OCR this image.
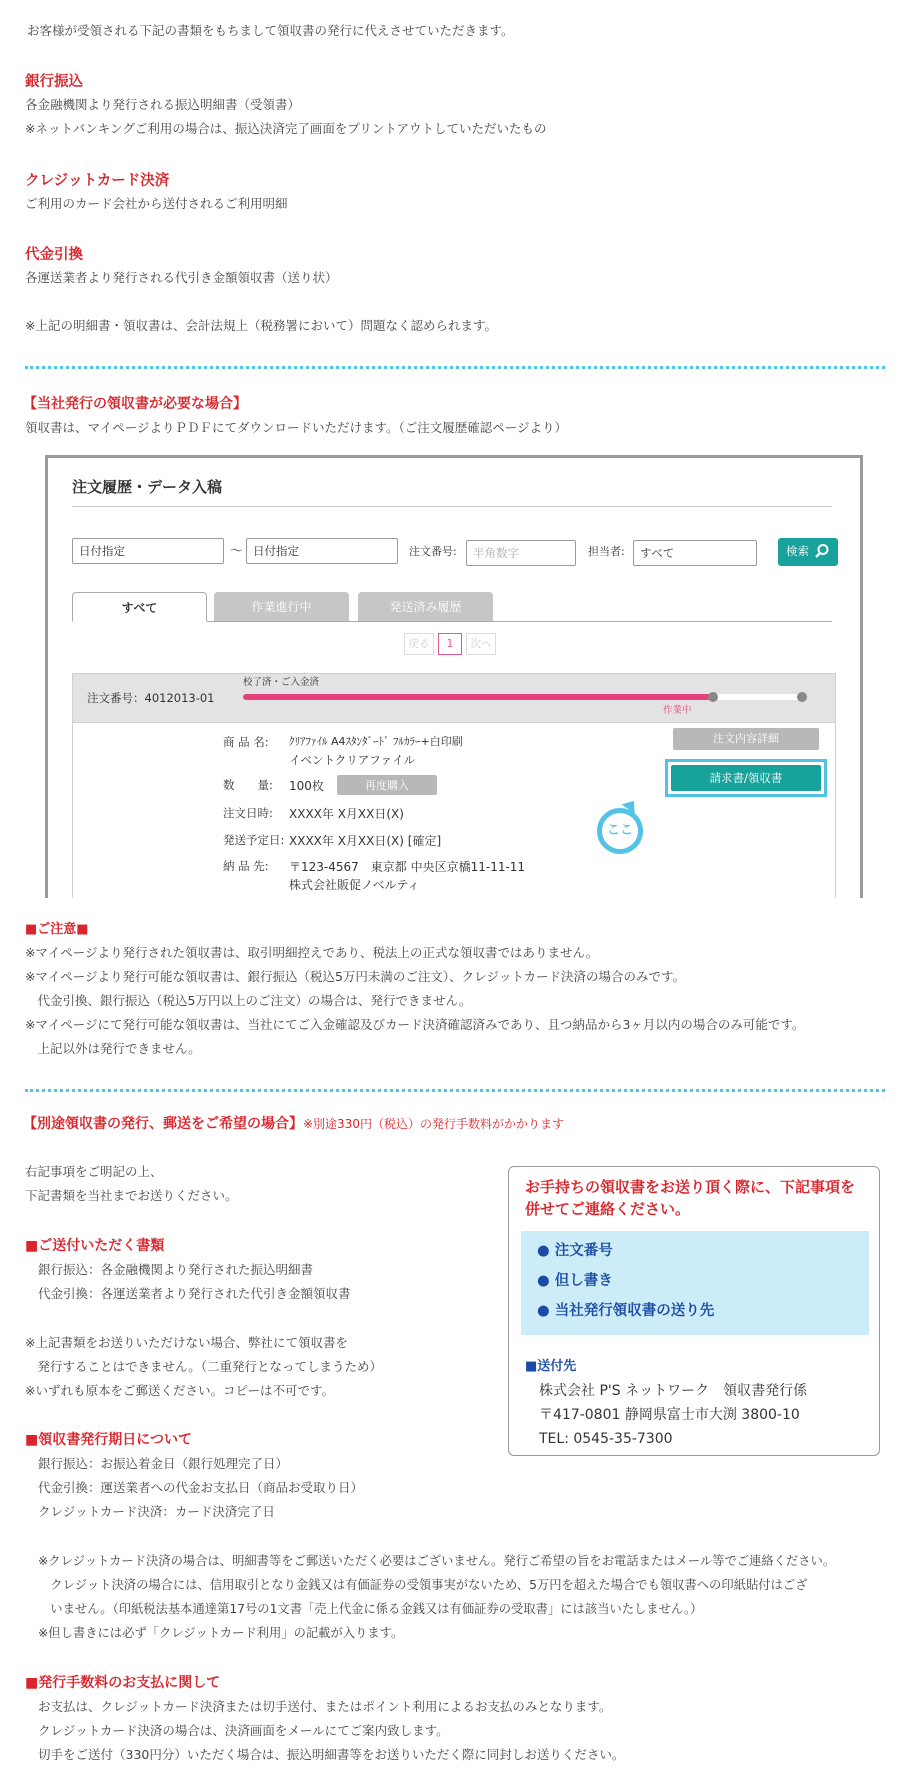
お客様が受領される下記の書類をもちまして領収書の発行に代えさせていただきます。
銀行振込
各金融機関より発行される振込明細書（受領書）
※ネットバンキングご利用の場合は、振込決済完了画面をプリントアウトしていただいたもの
クレジットカード決済
ご利用のカード会社から送付されるご利用明細
代金引換
各運送業者より発行される代引き金額領収書（送り状）
※上記の明細書・領収書は、会計法規上（税務署において）問題なく認められます。
【当社発行の領収書が必要な場合】
領収書は、マイページよりＰＤＦにてダウンロードいただけます。（ご注文履歴確認ページより）
注文履歴・データ入稿
日付指定	～ 日付指定	注文番号:	半角数字	担当者:	すべて	検索
すべて	作業進行中	発送済み履歴
戻る	1	次へ
注文番号：4012013-01
校了済・ご入金済
作業中
商 品 名: ｸﾘｱﾌｧｲﾙ A4ｽﾀﾝﾀﾞｰﾄﾞ ﾌﾙｶﾗｰ+白印刷
イベントクリアファイル
数　　量: 100枚	再度購入
注文日時: XXXX年 X月XX日(X)
発送予定日: XXXX年 X月XX日(X) [確定]
納 品 先: 〒123-4567　東京都 中央区京橋11-11-11
株式会社販促ノベルティ
注文内容詳細
請求書/領収書
ここ
■ご注意■
※マイページより発行された領収書は、取引明細控えであり、税法上の正式な領収書ではありません。
※マイページより発行可能な領収書は、銀行振込（税込5万円未満のご注文）、クレジットカード決済の場合のみです。
　代金引換、銀行振込（税込5万円以上のご注文）の場合は、発行できません。
※マイページにて発行可能な領収書は、当社にてご入金確認及びカード決済確認済みであり、且つ納品から3ヶ月以内の場合のみ可能です。
　上記以外は発行できません。
【別途領収書の発行、郵送をご希望の場合】※別途330円（税込）の発行手数料がかかります
右記事項をご明記の上、
下記書類を当社までお送りください。
■ご送付いただく書類
銀行振込：各金融機関より発行された振込明細書
代金引換：各運送業者より発行された代引き金額領収書
※上記書類をお送りいただけない場合、弊社にて領収書を
　発行することはできません。（二重発行となってしまうため）
※いずれも原本をご郵送ください。コピーは不可です。
■領収書発行期日について
銀行振込：お振込着金日（銀行処理完了日）
代金引換：運送業者への代金お支払日（商品お受取り日）
クレジットカード決済：カード決済完了日
※クレジットカード決済の場合は、明細書等をご郵送いただく必要はございません。発行ご希望の旨をお電話またはメール等でご連絡ください。
　クレジット決済の場合には、信用取引となり金銭又は有価証券の受領事実がないため、5万円を超えた場合でも領収書への印紙貼付はござ
　いません。（印紙税法基本通達第17号の1文書「売上代金に係る金銭又は有価証券の受取書」には該当いたしません。）
※但し書きには必ず「クレジットカード利用」の記載が入ります。
■発行手数料のお支払に関して
お支払は、クレジットカード決済または切手送付、またはポイント利用によるお支払のみとなります。
クレジットカード決済の場合は、決済画面をメールにてご案内致します。
切手をご送付（330円分）いただく場合は、振込明細書等をお送りいただく際に同封しお送りください。
お手持ちの領収書をお送り頂く際に、下記事項を併せてご連絡ください。
● 注文番号
● 但し書き
● 当社発行領収書の送り先
■送付先
株式会社 P'S ネットワーク　領収書発行係
〒417-0801 静岡県富士市大渕 3800-10
TEL: 0545-35-7300
